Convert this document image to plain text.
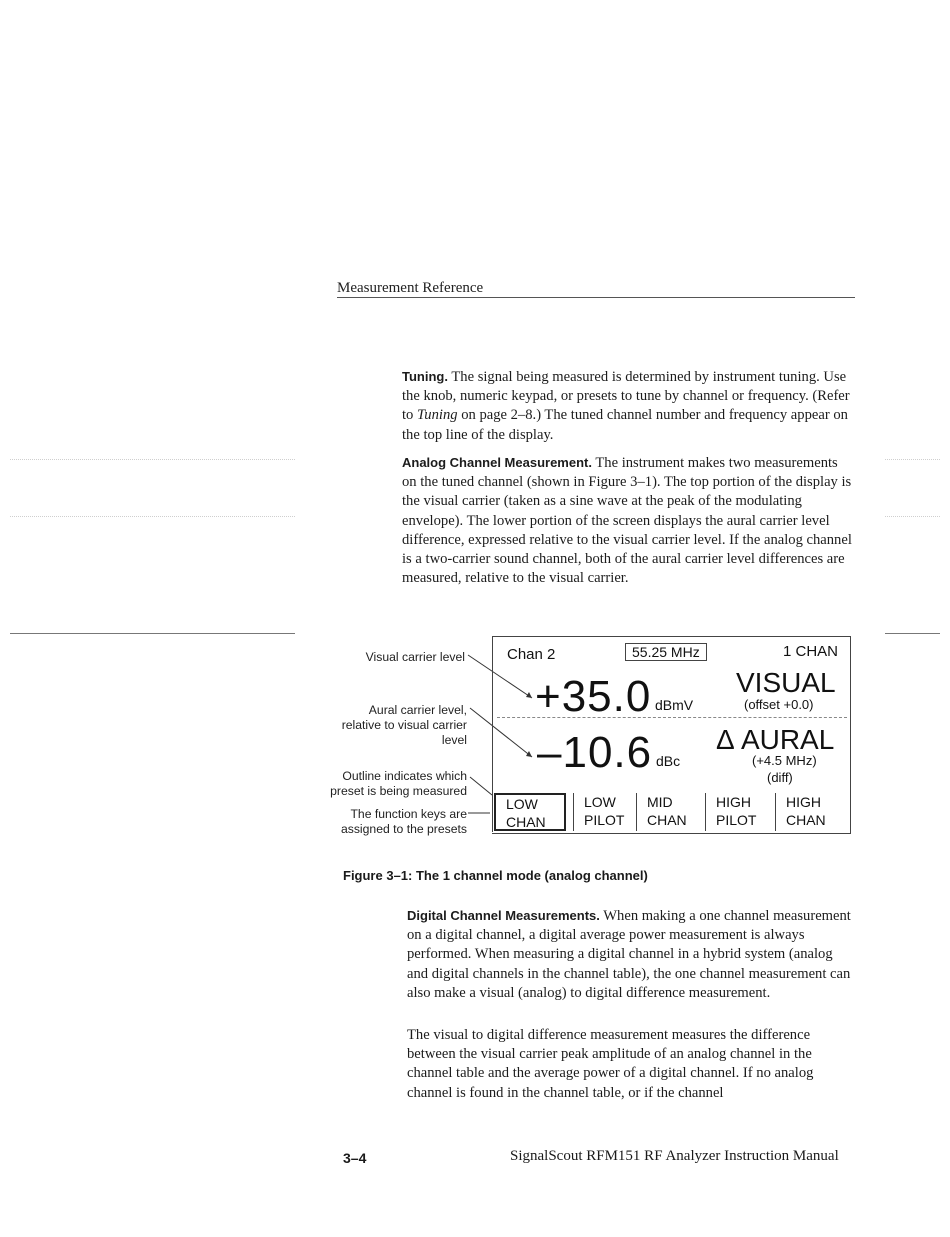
Measurement Reference
Tuning. The signal being measured is determined by instrument tuning. Use the knob, numeric keypad, or presets to tune by channel or frequency. (Refer to Tuning on page 2–8.) The tuned channel number and frequency appear on the top line of the display.
Analog Channel Measurement. The instrument makes two measurements on the tuned channel (shown in Figure 3–1). The top portion of the display is the visual carrier (taken as a sine wave at the peak of the modulating envelope). The lower portion of the screen displays the aural carrier level difference, expressed relative to the visual carrier level. If the analog channel is a two-carrier sound channel, both of the aural carrier level differences are measured, relative to the visual carrier.
Visual carrier level
Aural carrier level,
relative to visual carrier
level
Outline indicates which
preset is being measured
The function keys are
assigned to the presets
Chan 2	55.25 MHz	1 CHAN
+35.0 dBmV
VISUAL
(offset +0.0)
–10.6 dBc
Δ AURAL
(+4.5 MHz)
(diff)
LOW
CHAN
LOW
PILOT
MID
CHAN
HIGH
PILOT
HIGH
CHAN
Figure 3–1: The 1 channel mode (analog channel)
Digital Channel Measurements. When making a one channel measurement on a digital channel, a digital average power measurement is always performed. When measuring a digital channel in a hybrid system (analog and digital channels in the channel table), the one channel measurement can also make a visual (analog) to digital difference measurement.
The visual to digital difference measurement measures the difference between the visual carrier peak amplitude of an analog channel in the channel table and the average power of a digital channel. If no analog channel is found in the channel table, or if the channel
3–4	SignalScout RFM151 RF Analyzer Instruction Manual
